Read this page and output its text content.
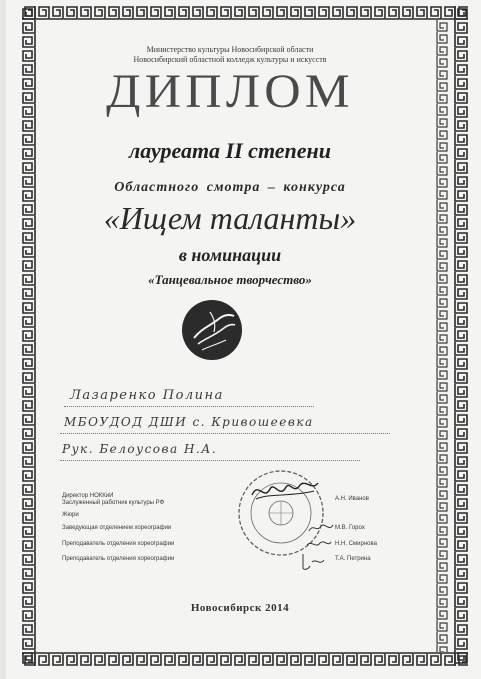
Министерство культуры Новосибирской области
Новосибирский областной колледж культуры и искусств
ДИПЛОМ
лауреата II степени
Областного смотра – конкурса
«Ищем таланты»
в номинации
«Танцевальное творчество»
Лазаренко Полина
МБОУДОД ДШИ с. Кривошеевка
Рук. Белоусова Н.А.
Директор НОККиИ
Заслуженный работник культуры РФ
А.Н. Иванов
Жюри
Заведующая отделением хореографии	М.В. Горох
Преподаватель отделения хореографии	Н.Н. Смирнова
Преподаватель отделения хореографии	Т.А. Петрина
Новосибирск 2014
